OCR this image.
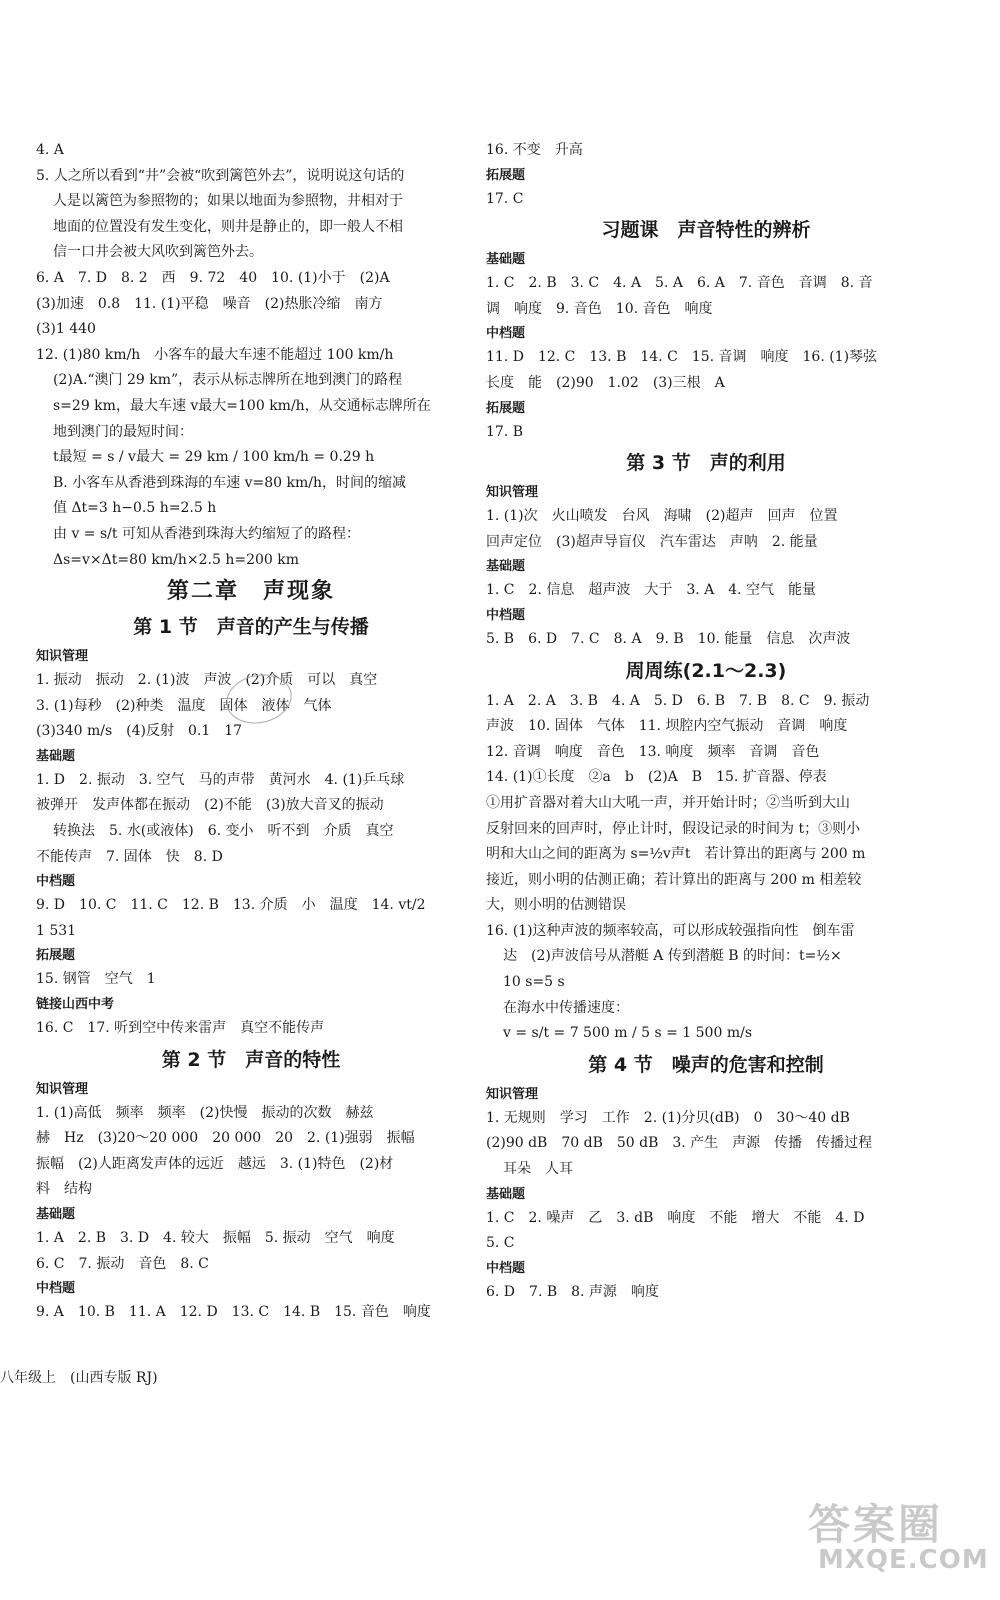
4. A
5. 人之所以看到“井”会被“吹到篱笆外去”，说明说这句话的
人是以篱笆为参照物的；如果以地面为参照物，井相对于
地面的位置没有发生变化，则井是静止的，即一般人不相
信一口井会被大风吹到篱笆外去。
6. A　7. D　8. 2　西　9. 72　40　10. (1)小于　(2)A
(3)加速　0.8　11. (1)平稳　噪音　(2)热胀冷缩　南方
(3)1 440
12. (1)80 km/h　小客车的最大车速不能超过 100 km/h
(2)A.“澳门 29 km”，表示从标志牌所在地到澳门的路程
s=29 km，最大车速 v最大=100 km/h，从交通标志牌所在
地到澳门的最短时间：
t最短 = s / v最大 = 29 km / 100 km/h = 0.29 h
B. 小客车从香港到珠海的车速 v=80 km/h，时间的缩减
值 Δt=3 h−0.5 h=2.5 h
由 v = s/t 可知从香港到珠海大约缩短了的路程：
Δs=v×Δt=80 km/h×2.5 h=200 km
第二章　声现象
第 1 节　声音的产生与传播
知识管理
1. 振动　振动　2. (1)波　声波　(2)介质　可以　真空
3. (1)每秒　(2)种类　温度　固体　液体　气体
(3)340 m/s　(4)反射　0.1　17
基础题
1. D　2. 振动　3. 空气　马的声带　黄河水　4. (1)乒乓球
被弹开　发声体都在振动　(2)不能　(3)放大音叉的振动
转换法　5. 水(或液体)　6. 变小　听不到　介质　真空
不能传声　7. 固体　快　8. D
中档题
9. D　10. C　11. C　12. B　13. 介质　小　温度　14. vt/2
1 531
拓展题
15. 钢管　空气　1
链接山西中考
16. C　17. 听到空中传来雷声　真空不能传声
第 2 节　声音的特性
知识管理
1. (1)高低　频率　频率　(2)快慢　振动的次数　赫兹
赫　Hz　(3)20～20 000　20 000　20　2. (1)强弱　振幅
振幅　(2)人距离发声体的远近　越远　3. (1)特色　(2)材
料　结构
基础题
1. A　2. B　3. D　4. 较大　振幅　5. 振动　空气　响度
6. C　7. 振动　音色　8. C
中档题
9. A　10. B　11. A　12. D　13. C　14. B　15. 音色　响度
16. 不变　升高
拓展题
17. C
习题课　声音特性的辨析
基础题
1. C　2. B　3. C　4. A　5. A　6. A　7. 音色　音调　8. 音
调　响度　9. 音色　10. 音色　响度
中档题
11. D　12. C　13. B　14. C　15. 音调　响度　16. (1)琴弦
长度　能　(2)90　1.02　(3)三根　A
拓展题
17. B
第 3 节　声的利用
知识管理
1. (1)次　火山喷发　台风　海啸　(2)超声　回声　位置
回声定位　(3)超声导盲仪　汽车雷达　声呐　2. 能量
基础题
1. C　2. 信息　超声波　大于　3. A　4. 空气　能量
中档题
5. B　6. D　7. C　8. A　9. B　10. 能量　信息　次声波
周周练(2.1～2.3)
1. A　2. A　3. B　4. A　5. D　6. B　7. B　8. C　9. 振动
声波　10. 固体　气体　11. 坝腔内空气振动　音调　响度
12. 音调　响度　音色　13. 响度　频率　音调　音色
14. (1)①长度　②a　b　(2)A　B　15. 扩音器、停表
①用扩音器对着大山大吼一声，并开始计时；②当听到大山
反射回来的回声时，停止计时，假设记录的时间为 t；③则小
明和大山之间的距离为 s=½v声t　若计算出的距离与 200 m
接近，则小明的估测正确；若计算出的距离与 200 m 相差较
大，则小明的估测错误
16. (1)这种声波的频率较高，可以形成较强指向性　倒车雷
达　(2)声波信号从潜艇 A 传到潜艇 B 的时间：t=½×
10 s=5 s
在海水中传播速度：
v = s/t = 7 500 m / 5 s = 1 500 m/s
第 4 节　噪声的危害和控制
知识管理
1. 无规则　学习　工作　2. (1)分贝(dB)　0　30～40 dB
(2)90 dB　70 dB　50 dB　3. 产生　声源　传播　传播过程
耳朵　人耳
基础题
1. C　2. 噪声　乙　3. dB　响度　不能　增大　不能　4. D
5. C
中档题
6. D　7. B　8. 声源　响度
八年级上　(山西专版 RJ)
答案圈
MXQE.COM
